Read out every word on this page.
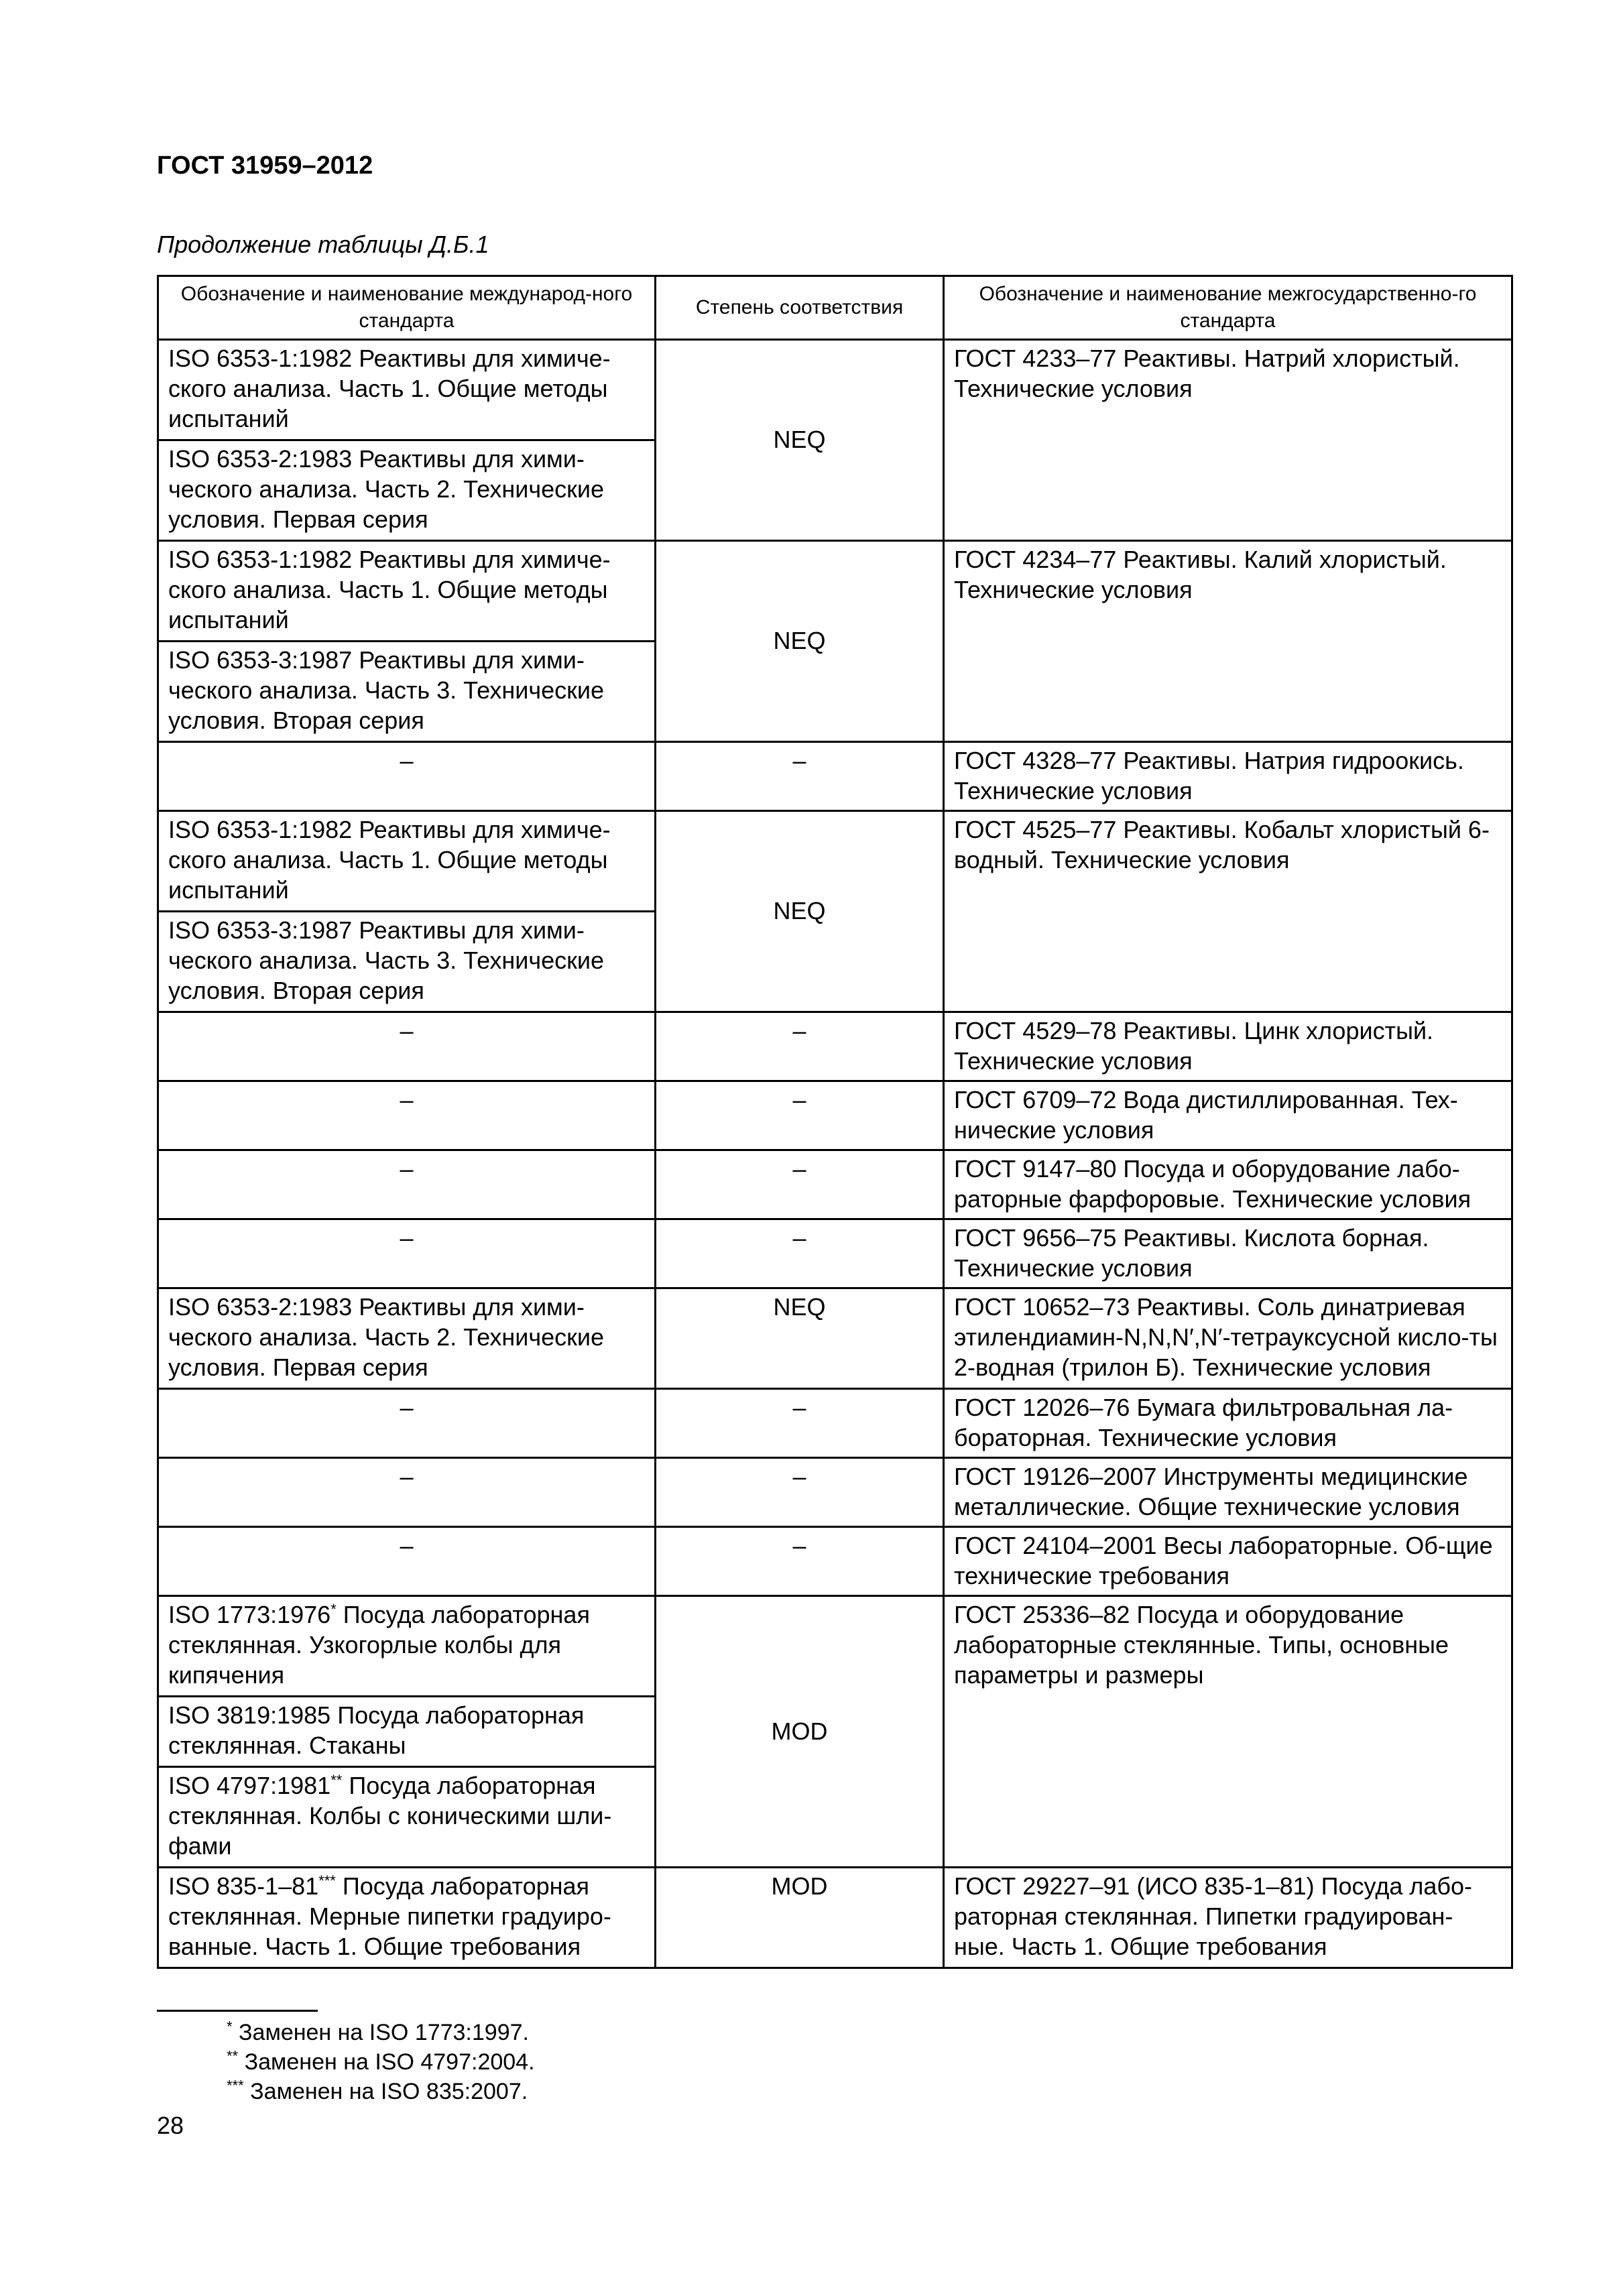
ГОСТ 31959–2012
Продолжение таблицы Д.Б.1
Обозначение и наименование международ-ного стандарта	Степень соответствия	Обозначение и наименование межгосударственно-го стандарта
ISO 6353-1:1982 Реактивы для химиче-ского анализа. Часть 1. Общие методы испытаний	NEQ	ГОСТ 4233–77 Реактивы. Натрий хлористый. Технические условия
ISO 6353-2:1983 Реактивы для хими-ческого анализа. Часть 2. Технические условия. Первая серия		
ISO 6353-1:1982 Реактивы для химиче-ского анализа. Часть 1. Общие методы испытаний	NEQ	ГОСТ 4234–77 Реактивы. Калий хлористый. Технические условия
ISO 6353-3:1987 Реактивы для хими-ческого анализа. Часть 3. Технические условия. Вторая серия		
–	–	ГОСТ 4328–77 Реактивы. Натрия гидроокись. Технические условия
ISO 6353-1:1982 Реактивы для химиче-ского анализа. Часть 1. Общие методы испытаний	NEQ	ГОСТ 4525–77 Реактивы. Кобальт хлористый 6-водный. Технические условия
ISO 6353-3:1987 Реактивы для хими-ческого анализа. Часть 3. Технические условия. Вторая серия		
–	–	ГОСТ 4529–78 Реактивы. Цинк хлористый. Технические условия
–	–	ГОСТ 6709–72 Вода дистиллированная. Тех-нические условия
–	–	ГОСТ 9147–80 Посуда и оборудование лабо-раторные фарфоровые. Технические условия
–	–	ГОСТ 9656–75 Реактивы. Кислота борная. Технические условия
ISO 6353-2:1983 Реактивы для хими-ческого анализа. Часть 2. Технические условия. Первая серия	NEQ	ГОСТ 10652–73 Реактивы. Соль динатриевая этилендиамин-N,N,N′,N′-тетрауксусной кисло-ты 2-водная (трилон Б). Технические условия
–	–	ГОСТ 12026–76 Бумага фильтровальная ла-бораторная. Технические условия
–	–	ГОСТ 19126–2007 Инструменты медицинские металлические. Общие технические условия
–	–	ГОСТ 24104–2001 Весы лабораторные. Об-щие технические требования
ISO 1773:1976* Посуда лабораторная стеклянная. Узкогорлые колбы для кипячения	MOD	ГОСТ 25336–82 Посуда и оборудование лабораторные стеклянные. Типы, основные параметры и размеры
ISO 3819:1985 Посуда лабораторная стеклянная. Стаканы		
ISO 4797:1981** Посуда лабораторная стеклянная. Колбы с коническими шли-фами		
ISO 835-1–81*** Посуда лабораторная стеклянная. Мерные пипетки градуиро-ванные. Часть 1. Общие требования	MOD	ГОСТ 29227–91 (ИСО 835-1–81) Посуда лабо-раторная стеклянная. Пипетки градуирован-ные. Часть 1. Общие требования
* Заменен на ISO 1773:1997.
** Заменен на ISO 4797:2004.
*** Заменен на ISO 835:2007.
28
